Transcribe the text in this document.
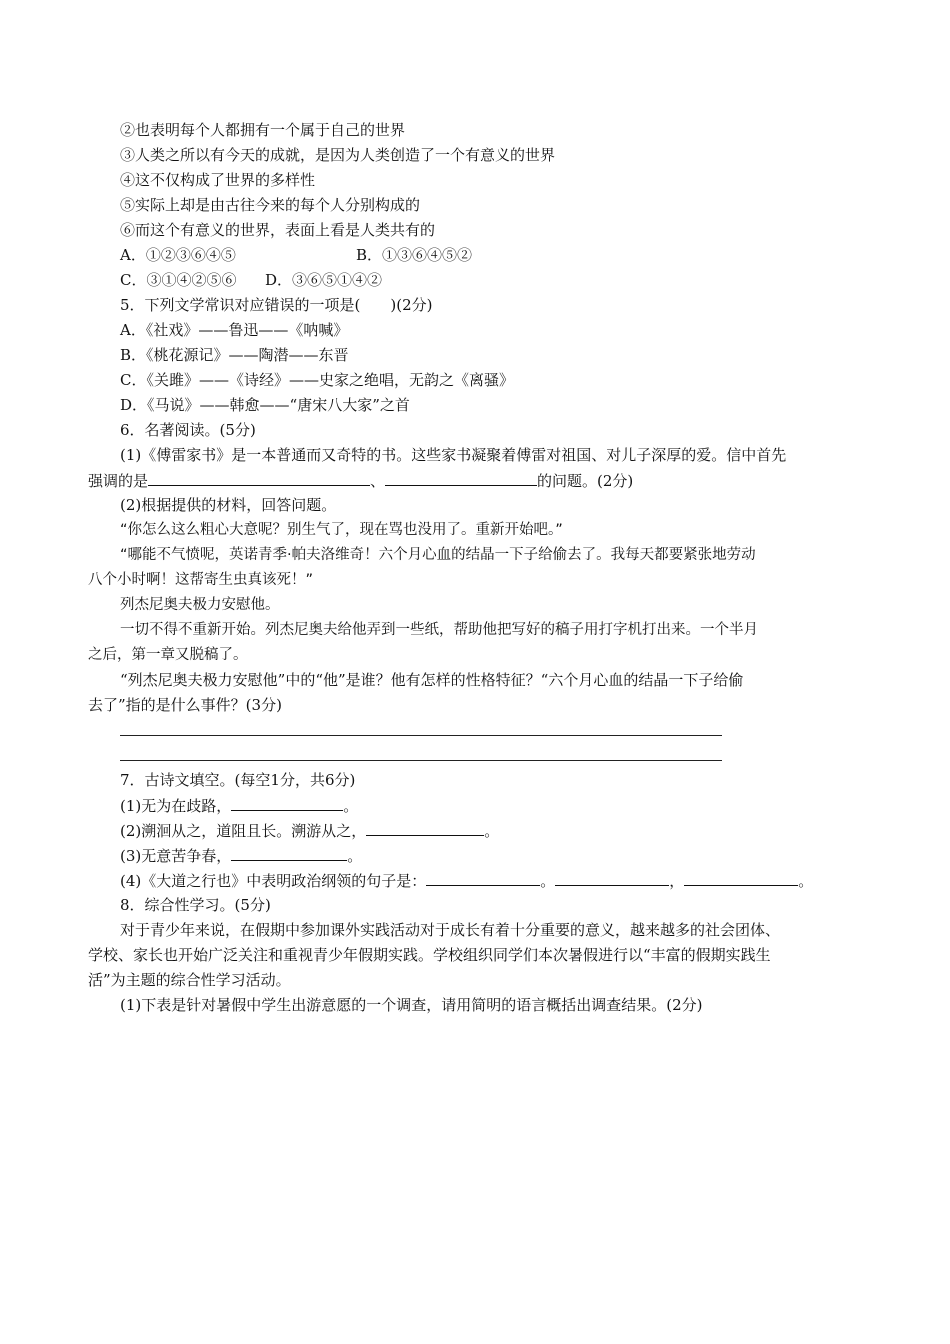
②也表明每个人都拥有一个属于自己的世界
③人类之所以有今天的成就，是因为人类创造了一个有意义的世界
④这不仅构成了世界的多样性
⑤实际上却是由古往今来的每个人分别构成的
⑥而这个有意义的世界，表面上看是人类共有的
A．①②③⑥④⑤	B．①③⑥④⑤②
C．③①④②⑤⑥ D．③⑥⑤①④②
5．下列文学常识对应错误的一项是(　　)(2分)
A．《社戏》——鲁迅——《呐喊》
B．《桃花源记》——陶潜——东晋
C．《关雎》——《诗经》——史家之绝唱，无韵之《离骚》
D．《马说》——韩愈——“唐宋八大家”之首
6．名著阅读。(5分)
(1)《傅雷家书》是一本普通而又奇特的书。这些家书凝聚着傅雷对祖国、对儿子深厚的爱。信中首先
强调的是	、	的问题。(2分)
(2)根据提供的材料，回答问题。
“你怎么这么粗心大意呢？别生气了，现在骂也没用了。重新开始吧。”
“哪能不气愤呢，英诺青季·帕夫洛维奇！六个月心血的结晶一下子给偷去了。我每天都要紧张地劳动
八个小时啊！这帮寄生虫真该死！”
列杰尼奥夫极力安慰他。
一切不得不重新开始。列杰尼奥夫给他弄到一些纸，帮助他把写好的稿子用打字机打出来。一个半月
之后，第一章又脱稿了。
“列杰尼奥夫极力安慰他”中的“他”是谁？他有怎样的性格特征？“六个月心血的结晶一下子给偷
去了”指的是什么事件？(3分)
7．古诗文填空。(每空1分，共6分)
(1)无为在歧路，	。
(2)溯洄从之，道阻且长。溯游从之，	。
(3)无意苦争春，	。
(4)《大道之行也》中表明政治纲领的句子是：	。	，	。
8．综合性学习。(5分)
对于青少年来说，在假期中参加课外实践活动对于成长有着十分重要的意义，越来越多的社会团体、
学校、家长也开始广泛关注和重视青少年假期实践。学校组织同学们本次暑假进行以“丰富的假期实践生
活”为主题的综合性学习活动。
(1)下表是针对暑假中学生出游意愿的一个调查，请用简明的语言概括出调查结果。(2分)
